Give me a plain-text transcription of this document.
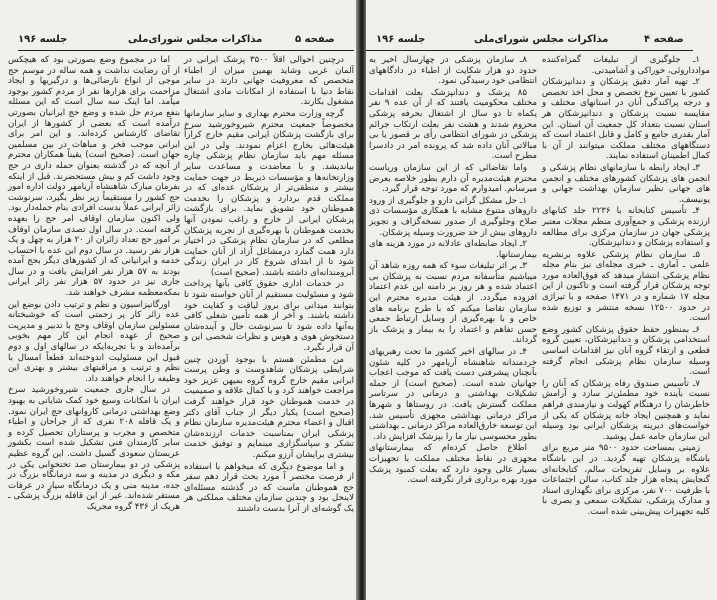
جلسه ۱۹۶	مذاکرات مجلس شورای‌ملی	صفحه ۵

درچنین احوالی اقلاً ۳۵۰۰ پزشک ایرانی در آلمان غربی وشاید بهمین میزان از اطباء متخصص که معروفیت جهانی دارند در سایر نقاط دنیا با استفاده از امکانات مادی اشتغال مشغول بکارند.

گرچه وزارت محترم بهداری و سایر سازمانها مخصوصاً جمعیت محترم شیروخورشید سرخ برای بازگشت پزشکان ایرانی مقیم خارج کراراً هیئت‌هائی بخارج اعزام نمودند. ولی در این مسئله مهم باید سازمان نظام پزشکی چاره بیاندیشد. و با معاضدت و مساعدت سایر وزارتخانه‌ها و مؤسسات ذیربط در جهت حمایت بیشتر و منطقی‌تر از پزشکان عده‌ای که در مملکت قدم بردارد و پزشکان را بخدمت هموطنان خود تشویق نماید. برای بازگشت پزشکان ایرانی از خارج و راغب نمودن آنها بخدمت هموطنان با بهره‌گیری از تجربه پزشکان مطلعی که در سازمان نظام پزشکی در اختیار دارد همت گمارد درمشاغل آزاد از آنان حمایت شود تا از ابتدای شروع کار در ایران زندگی آبرومندانه‌ای داشته باشند. (صحیح است)

در خدمات اداری حقوق کافی بآنها پرداخت شود و مسئولیت مستقیم از آنان خواسته شود تا بتوانند میدانی برای بروز لیاقت و کفایت خود داشته باشند. و آخر از همه تأمین شغلی کافی به‌آنها داده شود تا سرنوشت حال و آینده‌شان دستخوش هوی و هوس و نظرات شخصی این و آن قرار نگیرد.

من مطمئن هستم با بوجود آوردن چنین شرایطی پزشکان شاهدوست و وطن پرست ایرانی مقیم خارج گروه گروه بمیهن عزیز خود مراجعت خواهند کرد و با کمال علاقه و صمیمیت در خدمت هموطنان خود قرار خواهند گرفت (صحیح است) یکبار دیگر از جناب آقای دکتر اقبال و اعضاء محترم هیئت‌مدیره سازمان نظام پزشکی ایران بمناسبت خدمات ارزنده‌شان تشکر و سپاسگزاری مینمایم و توفیق خدمت بیشتری برایشان آرزو میکنم.

و اما موضوع دیگری که میخواهم با استفاده از فرصت مختصر آ مورد بحث قرار دهم سفر حج هموطنان ماست که در گذشته مسئله‌ای لاینحل بود و چندین سازمان مختلف مملکتی هر یک گوشه‌ای از آنرا بدست داشتند

اما در مجموع وضع بصورتی بود که هیچکس از آن رضایت نداشت و همه ساله در موسم حج موجی از انواع نارضائی‌ها و درگیریها و ایجاد مزاحمت برای هزارها نفر از مردم کشور بوجود میآمد. اما اینک سه سال است که این مسئله بنفع مردم حل شده و وضع حج ایرانیان بصورتی درآمده است که بعضی از کشورها از ایران تقاضای کارشناس کرده‌اند. و این امر برای ایرانی موجب فخر و مباهات در بین مسلمین جهان است. (صحیح است) یقیناً همکاران محترم از آنچه که در گذشته بعنوان حمله داری در حج وجود داشت کم و بیش مستحضرند. قبل از اینکه بفرمان مبارک شاهنشاه آریامهر دولت اداره امور حج کشور را مستقیماً زیر نظر بگیرد، سرنوشت زائر ایرانی عملاً بدست افرادی بنام حمله‌دار بود. ولی اکنون سازمان اوقاف امر حج را بعهده گرفته است. در سال اول تصدی سازمان اوقاف بر امور حج تعداد زائران از ۲۰ هزار به چهل و یک هزار نفر رسید. در سال دوم این عده با احتساب خدمه و ایرانیانی که از کشورهای دیگر بحج آمده بودند به ۵۷ هزار نفر افزایش یافت و در سال جاری نیز در حدود ۵۷ هزار نفر زائر ایرانی بمکه‌معظمه مشرف خواهند شد.

اورگانیزاسیون و نظم و ترتیب دادن بوضع این عده زائر کار پر زحمتی است که خوشبختانه مسئولین سازمان اوقاف وحج با تدبیر و مدیریت صحیح از عهده انجام این کار مهم بخوبی برآمده‌اند و با تجربه‌ایکه در سالهای اول و دوم قبول این مسئولیت اندوخته‌اند قطعاً امسال با نظم و ترتیب و مراقبتهای بیشتر و بهتری این وظیفه را انجام خواهند داد.

در سال جاری جمعیت شیروخورشید سرخ ایران با امکانات وسیع خود کمک شایانی به بهبود وضع بهداشتی درمانی کاروانهای حج ایران نمود. و یک قافله ۲۰۸ نفری که از جراحان و اطباء متخصص و مجرب و پرستاران تحصیل کرده و سایر کارمندان فنی تشکیل شده است بکشور عربستان سعودی گسیل داشت. این گروه عظیم پزشکی در دو بیمارستان صد تختخوابی یکی در مکه و دیگری در مدینه و سه درمانگاه بزرگ در جده، مدینه منی و یک درمانگاه سیار در عرفات مستقر شده‌اند. غیر از این قافله بزرگ پزشکی ـ هریک از ۴۳۶ گروه مجریک

جلسه ۱۹۶	مذاکرات مجلس شورای‌ملی	صفحه ۴

۱ـ جلوگیری از تبلیغات گمراه‌کننده موادداروئی، خوراکی و آشامیدنی.

۲ـ تهیه آمار دقیق پزشکان و دندانپزشکان کشور با تعیین نوع تخصص و محل اخذ تخصص و درجه پراکندگی آنان در استانهای مختلف و مقایسه نسبت پزشکان و دندانپزشکان هر استان نسبت بتعداد کل جمعیت آن استان. این آمار بقدری جامع و کامل و قابل اعتماد است که دستگاههای مختلف مملکت میتوانند از آن با کمال اطمینان استفاده نمایند.

۳ـ ایجاد رابطه با سازمانهای نظام پزشکی و انجمن های پزشکان کشورهای مختلف و انجمن های جهانی نظیر سازمان بهداشت جهانی و یونیسف.

۴ـ تأسیس کتابخانه با ۲۲۳۶ جلد کتابهای ارزنده پزشکی و جمع‌آوری منظم مجلات معتبر پزشکی جهان در سازمان مرکزی برای مطالعه و استفاده پزشکان و دندانپزشکان.

۵ـ سازمان نظام پزشکی علاوه برنشریه علمی ـ آماری ـ خبری مجله‌ای نیز بنام مجله نظام پزشکی انتشار میدهد که فوق‌العاده مورد توجه پزشکان قرار گرفته است و تاکنون از این مجله ۱۷ شماره و در ۱۴۷۱ صفحه و با تیراژی در حدود ۱۲۵۰۰ نسخه منتشر و توزیع شده است.

۶ـ بمنظور حفظ حقوق پزشکان کشور وضع استخدامی پزشکان و دندانپزشکان، تعیین گروه قطعی و ارتقاء گروه آنان نیز اقدامات اساسی وسیله سازمان نظام پزشکی انجام گرفته است.

۷ـ تأسیس صندوق رفاه پزشکان که آنان را نسبت بآینده خود مطمئن‌تر سازد و آرامش خاطرشان را درهنگام کهولت و نیازمندی فراهم نماید و همچنین ایجاد خانه پزشکان که یکی از خواست‌های دیرینه پزشکان ایرانی بود وسیله این سازمان جامه عمل پوشید.

زمینی بمساحت حدود ۹۵۰۰ متر مربع برای باشگاه پزشکان تهیه گردید. در این باشگاه علاوه بر وسایل تفریحات سالم، کتابخانه‌ای گنجایش پنجاه هزار جلد کتاب، سالن اجتماعات با ظرفیت ۷۰۰ نفر، مرکزی برای نگهداری اسناد و مدارک پزشکی، تشکیلات سمعی و بصری با کلیه تجهیزات پیش‌بینی شده است.

۸ـ سازمان پزشکی در چهارسال اخیر به حدود دو هزار شکایت از اطباء در دادگاههای انتظامی خود رسیدگی نمود.

۸۵ پزشک و دندانپزشک بعلت اقدامات مختلف محکومیت یافتند که از آن عده ۹ نفر یکماه تا دو سال از اشتغال بحرفه پزشکی محروم شدند و هشت نفر بعلت ارتکاب جرائم پزشکی در شورای انتظامی رأی بر قصور یا بی مبالاتی آنان داده شد که پرونده امر در دادسرا مطرح است.

واما تقاضائی که از این سازمان وریاست محترم هیئت‌مدیره آن دارم بطور خلاصه بعرض میرسانم. امیدوارم که مورد توجه قرار گیرد.

۱ـ حل مشکل گرانی دارو و جلوگیری از ورود داروهای متنوع مشابه با همکاری مؤسسات ذی صلاح وجلوگیری از صدور نسخه‌گزاف و تجویز داروهای بیش از حد ضرورت وسیله پزشکان.

۲ـ ایجاد ضابطه‌ای عادلانه در مورد هزینه های بیمارستانها.

۳ـ بر اثر تبلیغات سوء که همه روزه شاهد آن میباشیم متأسفانه مردم نسبت به پزشکان بی اعتماد شده و هر روز بر دامنه این عدم اعتماد افزوده میگردد. از هیئت مدیره محترم این سازمان تقاضا میکنم که با طرح برنامه های خاص و با بهره‌گیری از وسایل ارتباط جمعی حسن تفاهم و اعتماد را به بیمار و پزشک باز گرداند.

۴ـ در سالهای اخیر کشور ما تحت رهبریهای خردمندانه شاهنشاه آریامهر در کلیه شئون بآنچنان پیشرفتی دست یافت که موجب اعجاب جهانیان شده است. (صحیح است) از جمله تشکیلات بهداشتی و درمانی در سرتاسر مملکت گسترش یافت. در روستاها و شهرها مراکز درمانی بهداشتی مجهزی تأسیس شد. این توسعه خارق‌العاده مراکز درمانی ـ بهداشتی بطور محسوسی نیاز ما را بپزشک افزایش داد.

اطلاع حاصل کرده‌ام که بیمارستانهای مجهزی در نقاط مختلف مملکت با تجهیزات بسیار عالی وجود دارد که بعلت کمبود پزشک مورد بهره برداری قرار نگرفته است.
